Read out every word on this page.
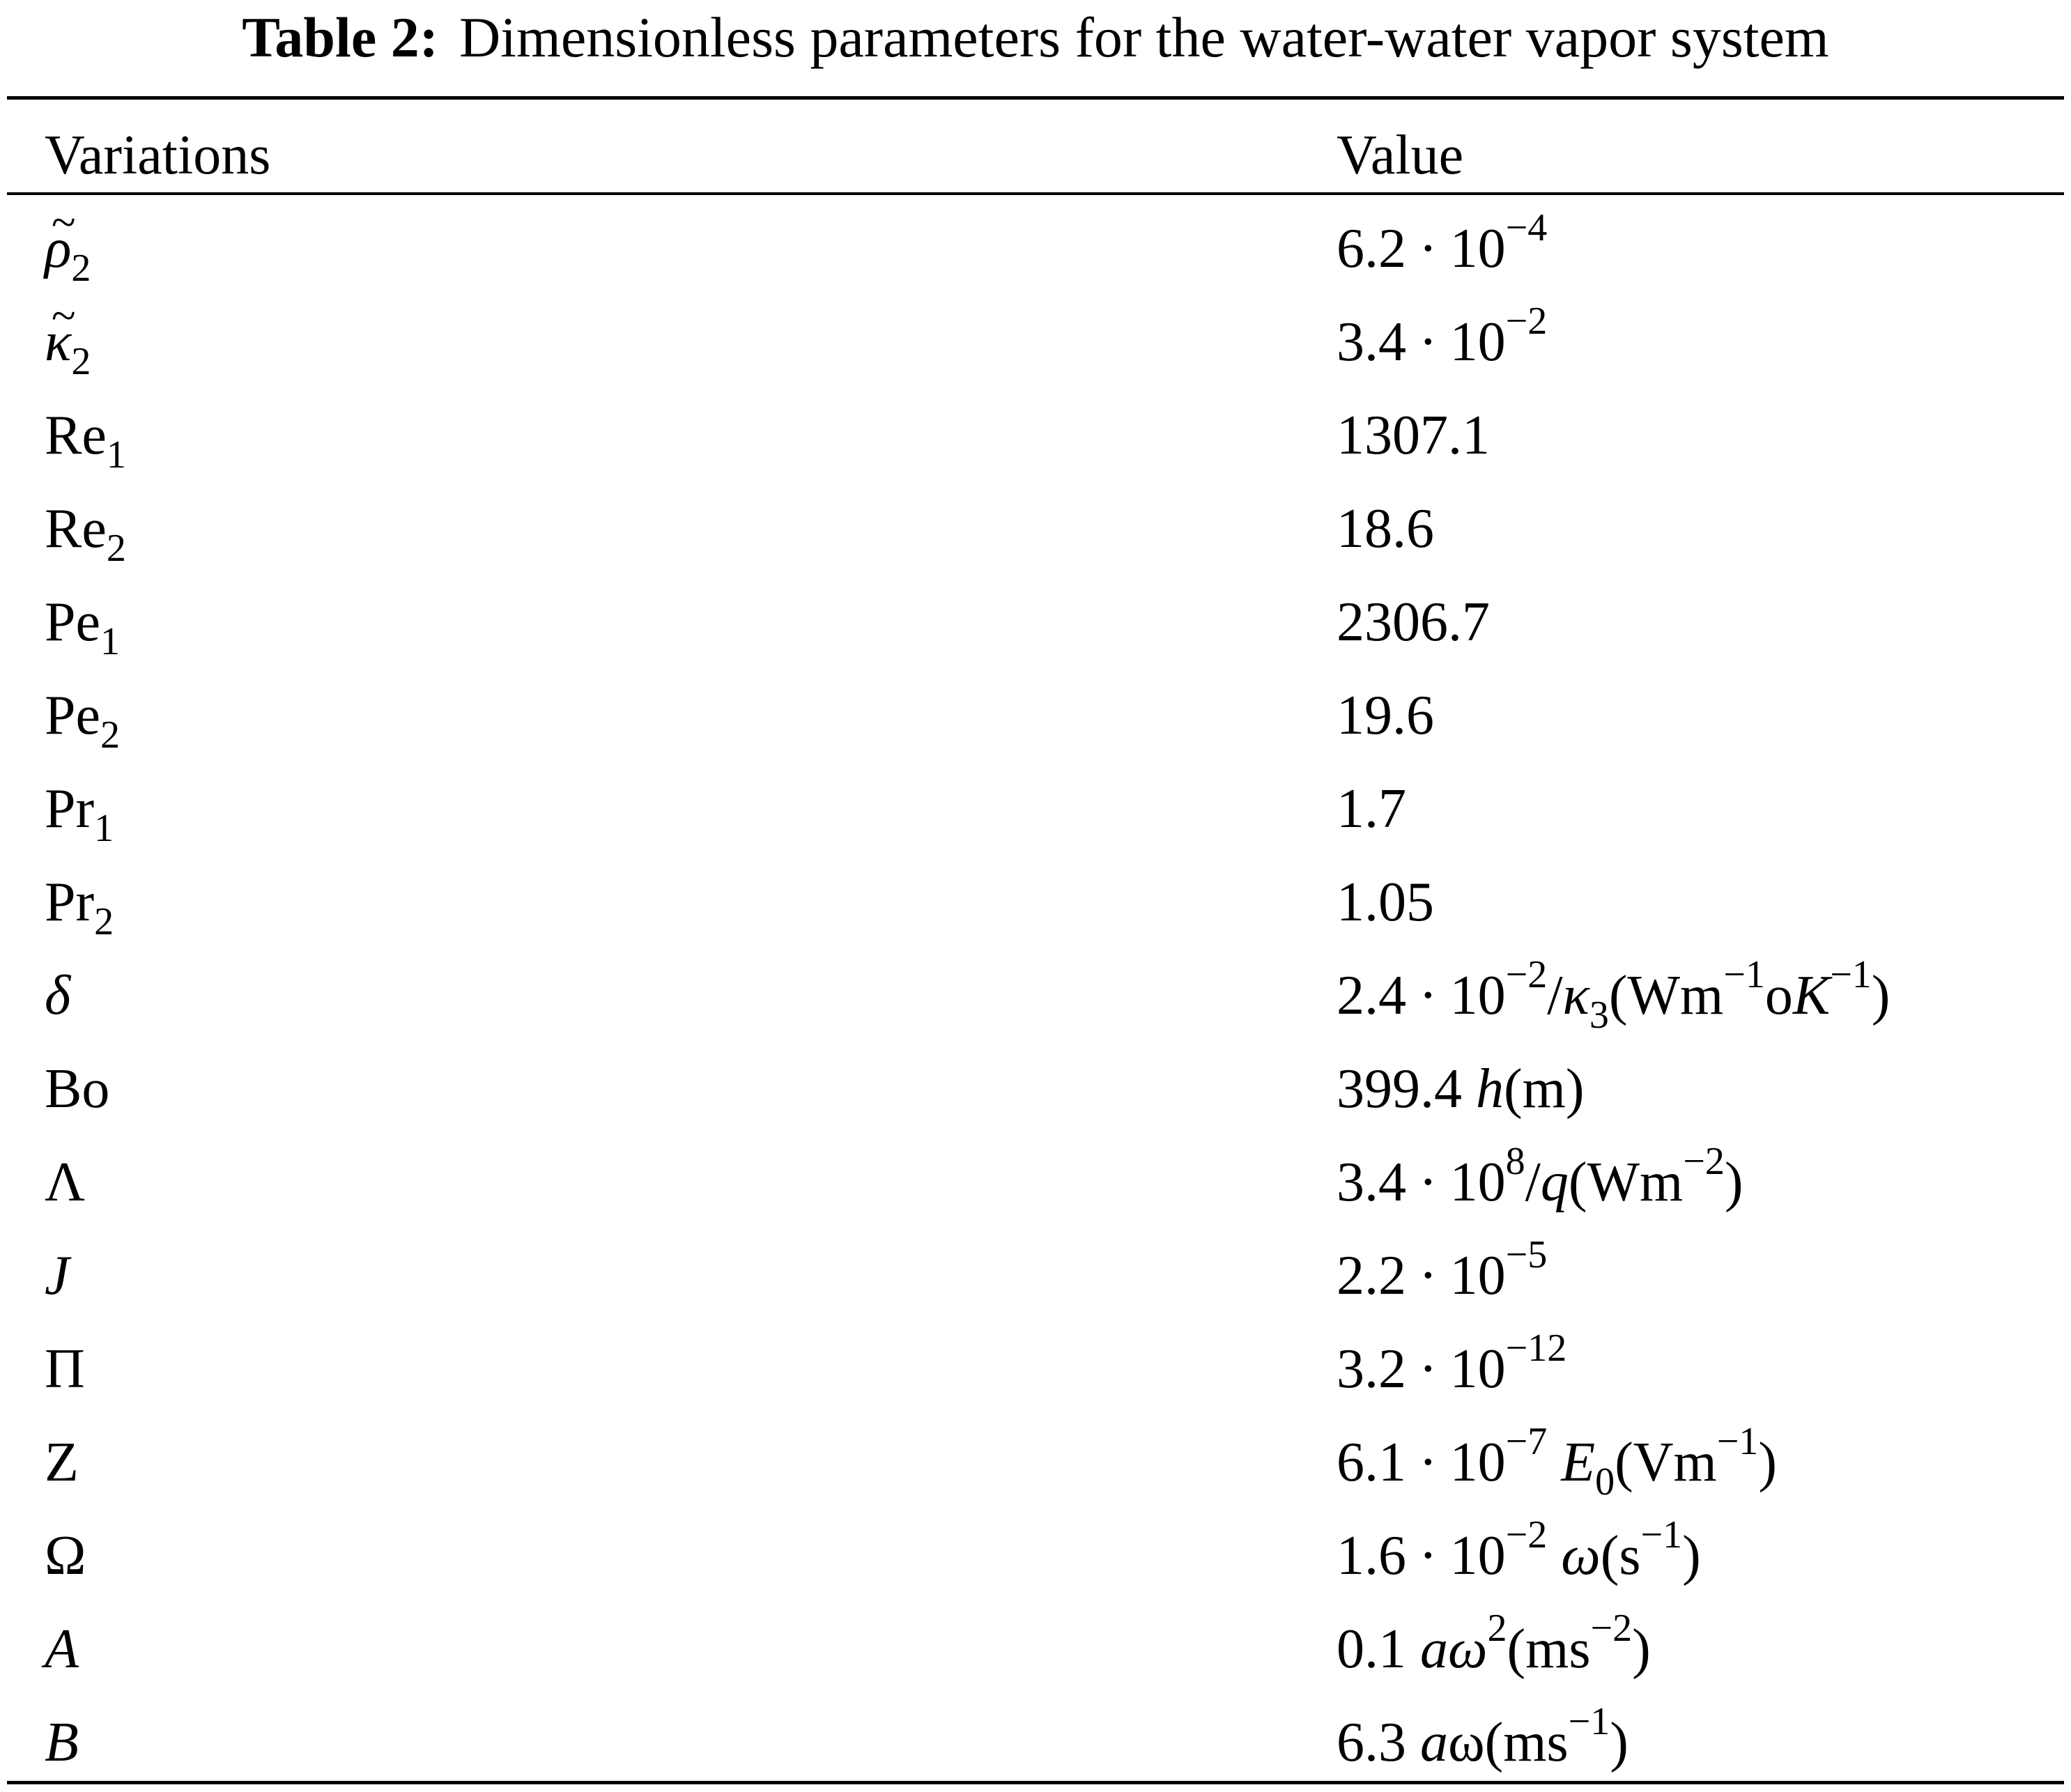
Table 2: Dimensionless parameters for the water-water vapor system
Variations	Value
~ $\rho_2$	$6.2 \cdot 10^{-4}$
~ $\kappa_2$	$3.4 \cdot 10^{-2}$
$Re_1$	1307.1
$Re_2$	18.6
$Pe_1$	2306.7
$Pe_2$	19.6
$Pr_1$	1.7
$Pr_2$	1.05
δ	$2.4 \cdot 10^{-2}/\kappa_3(Wm^{-1}oK^{-1})$
Bo	399.4 h(m)
Λ	$3.4 \cdot 10^8/q(Wm^{-2})$
J	$2.2 \cdot 10^{-5}$
Π	$3.2 \cdot 10^{-12}$
Z	$6.1 \cdot 10^{-7}$ $E_0(Vm^{-1})$
Ω	$1.6 \cdot 10^{-2}$ $\omega(s^{-1})$
A	0.1 $a\omega^2(ms^{-2})$
B	6.3 $a\omega(ms^{-1})$
